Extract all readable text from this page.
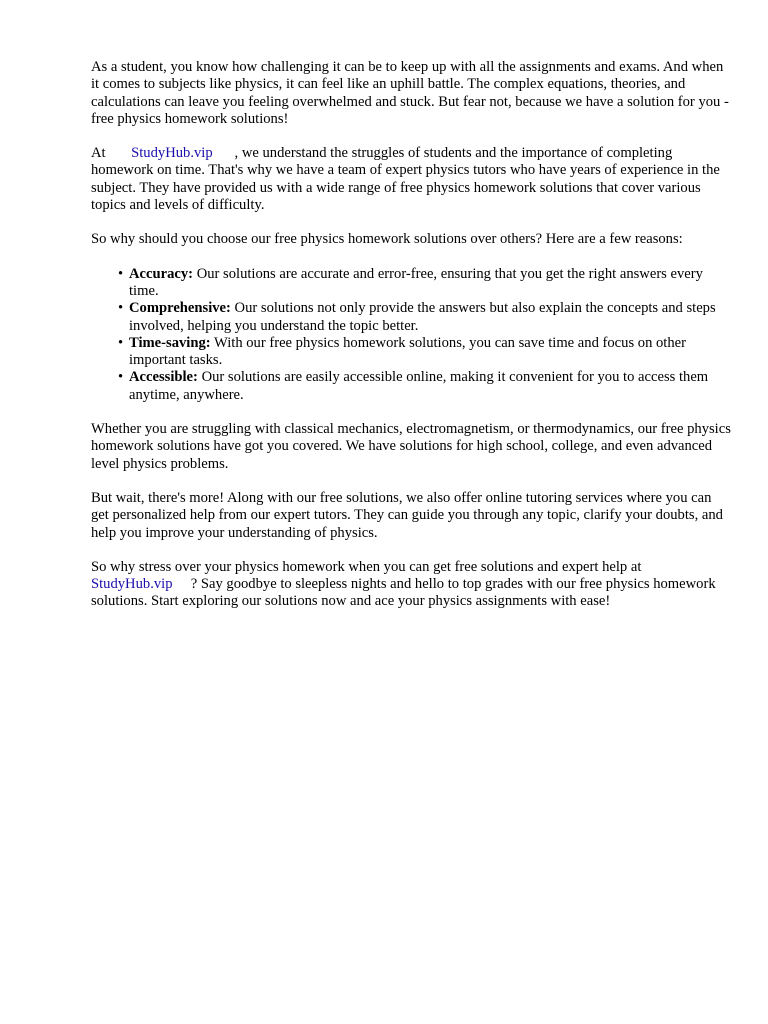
As a student, you know how challenging it can be to keep up with all the assignments and exams. And when it comes to subjects like physics, it can feel like an uphill battle. The complex equations, theories, and calculations can leave you feeling overwhelmed and stuck. But fear not, because we have a solution for you - free physics homework solutions!

At StudyHub.vip , we understand the struggles of students and the importance of completing homework on time. That's why we have a team of expert physics tutors who have years of experience in the subject. They have provided us with a wide range of free physics homework solutions that cover various topics and levels of difficulty.

So why should you choose our free physics homework solutions over others? Here are a few reasons:

• Accuracy: Our solutions are accurate and error-free, ensuring that you get the right answers every time.
• Comprehensive: Our solutions not only provide the answers but also explain the concepts and steps involved, helping you understand the topic better.
• Time-saving: With our free physics homework solutions, you can save time and focus on other important tasks.
• Accessible: Our solutions are easily accessible online, making it convenient for you to access them anytime, anywhere.

Whether you are struggling with classical mechanics, electromagnetism, or thermodynamics, our free physics homework solutions have got you covered. We have solutions for high school, college, and even advanced level physics problems.

But wait, there's more! Along with our free solutions, we also offer online tutoring services where you can get personalized help from our expert tutors. They can guide you through any topic, clarify your doubts, and help you improve your understanding of physics.

So why stress over your physics homework when you can get free solutions and expert help at StudyHub.vip ? Say goodbye to sleepless nights and hello to top grades with our free physics homework solutions. Start exploring our solutions now and ace your physics assignments with ease!
